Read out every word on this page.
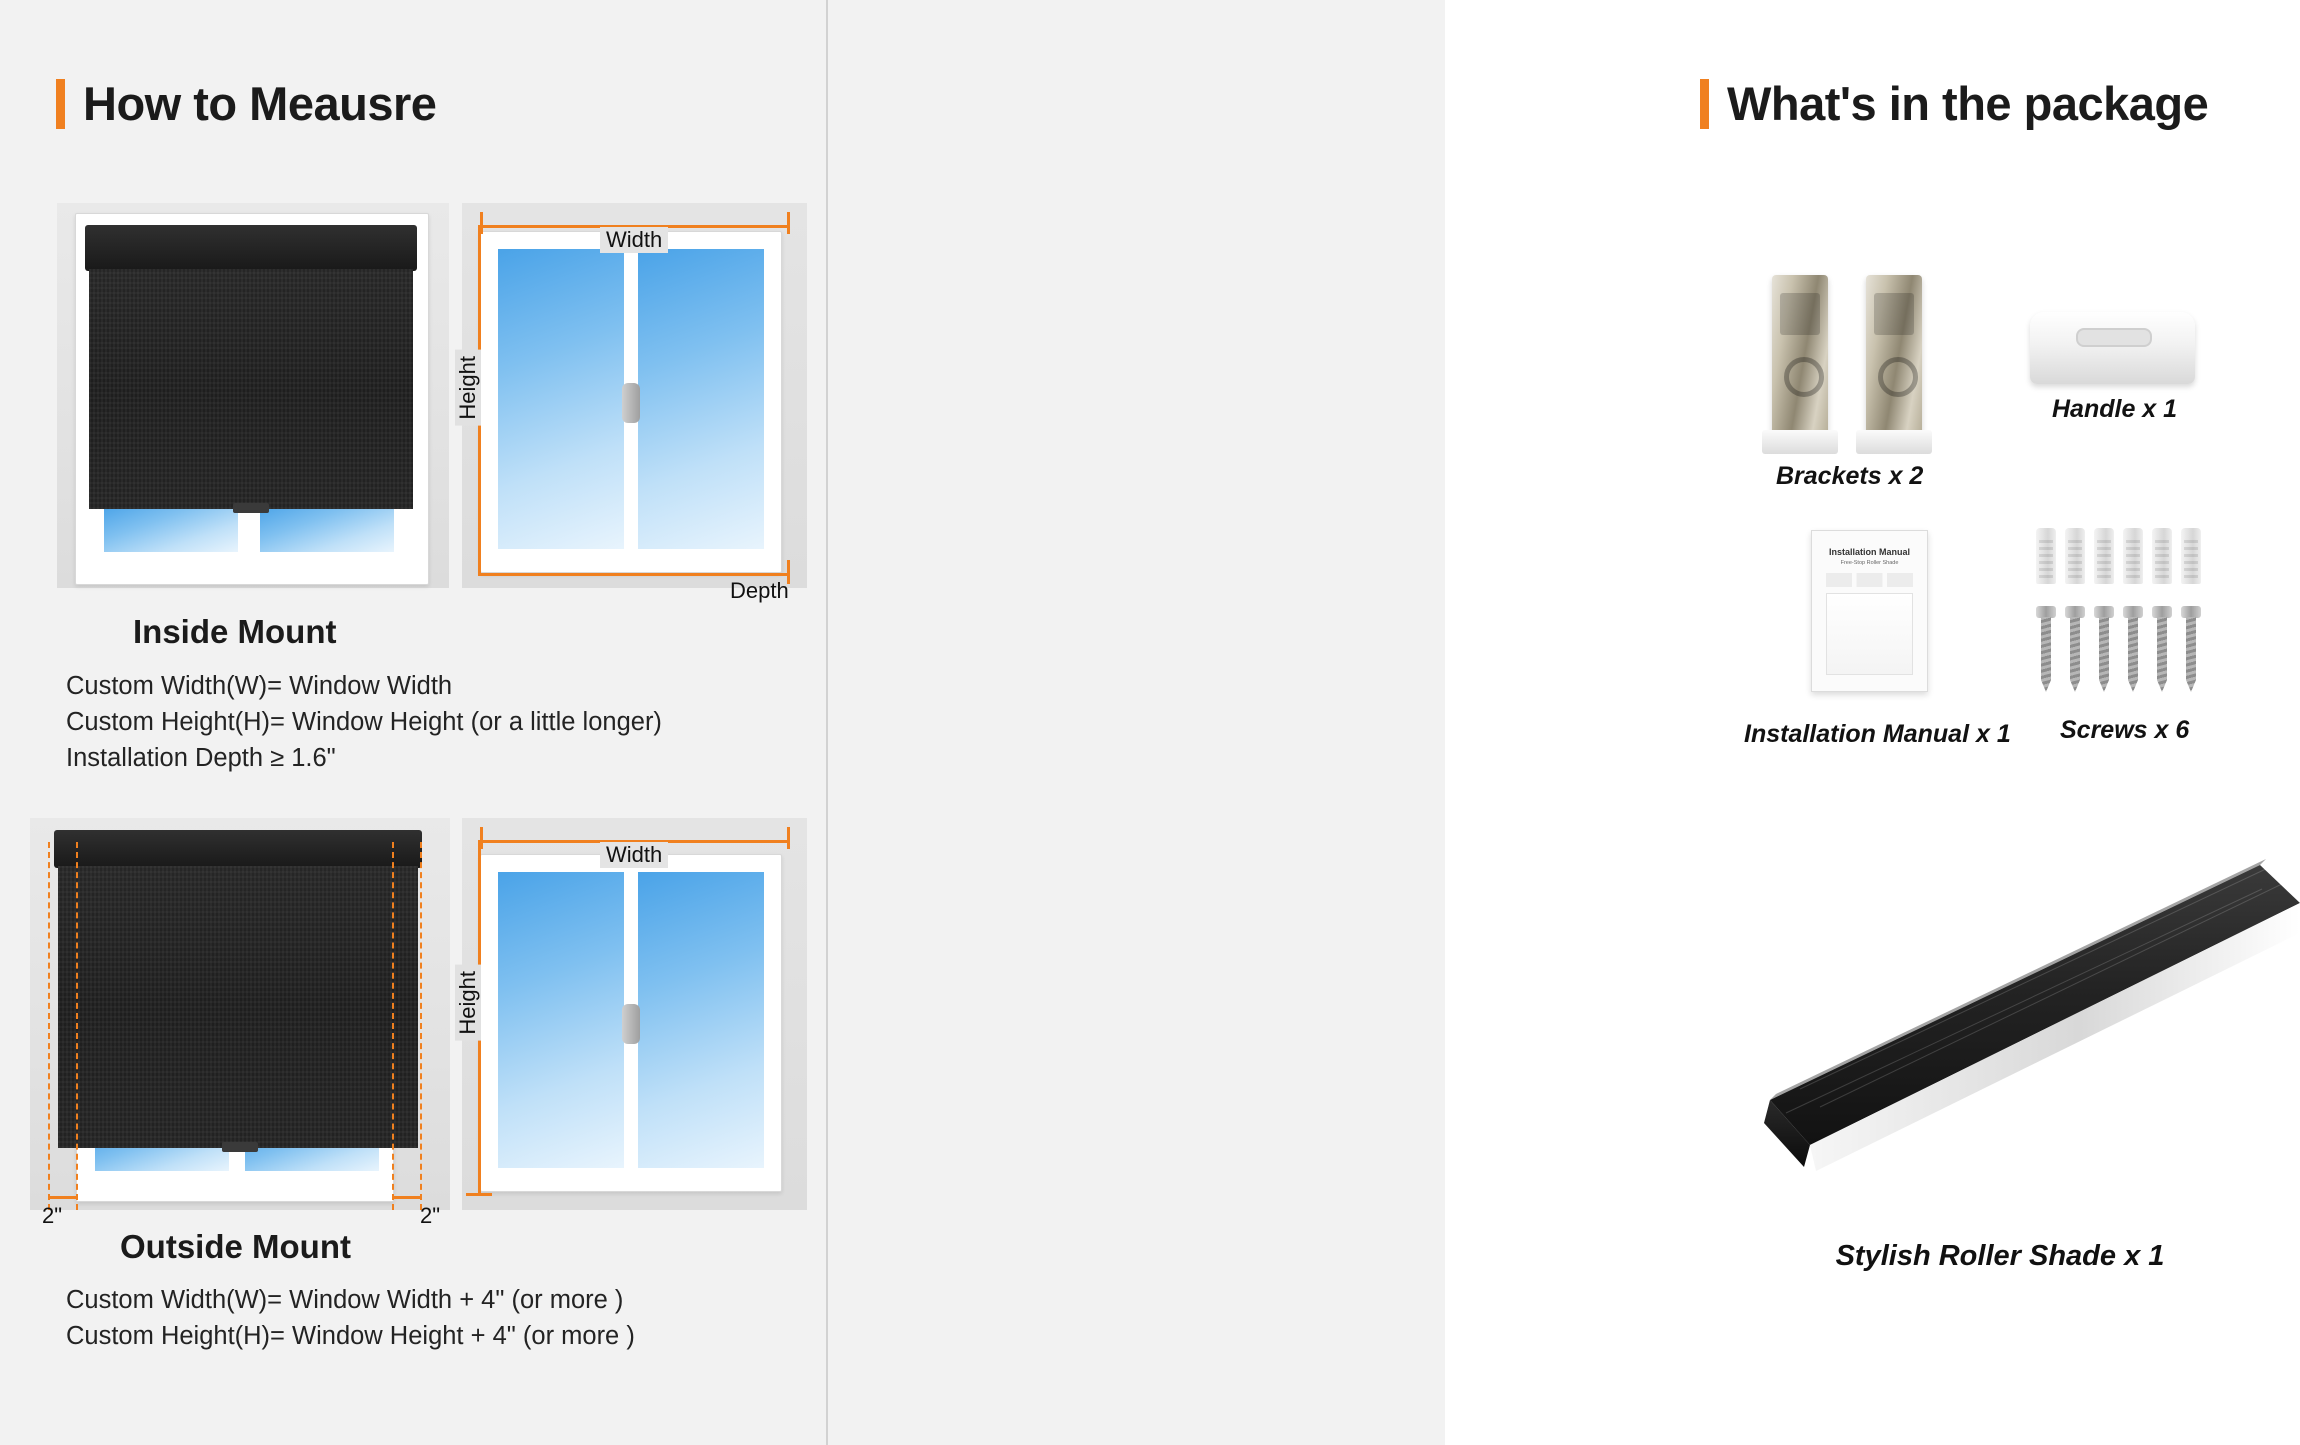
How to Meausre
Width
Height
Depth
Inside Mount
Custom Width(W)= Window Width
Custom Height(H)= Window Height (or a little longer)
Installation Depth ≥ 1.6"
2"	2"
Width
Height
Outside Mount
Custom Width(W)= Window Width + 4" (or more )
Custom Height(H)= Window Height + 4" (or more )
What's in the package
Brackets x 2
Handle x 1
Installation Manual
Free-Stop Roller Shade
Installation Manual x 1 Screws x 6
Stylish Roller Shade x 1
